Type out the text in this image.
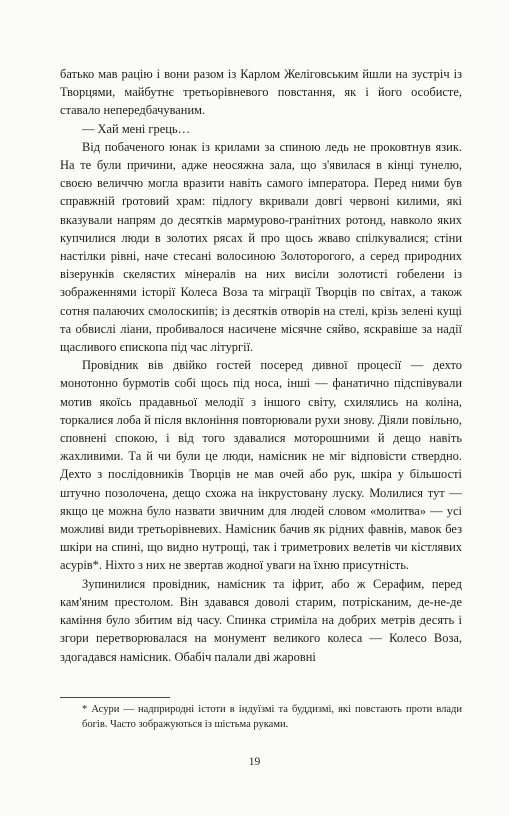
батько мав рацію і вони разом із Карлом Желіговським йшли на зустріч із Творцями, майбутнє третьорівневого повстання, як і його особисте, ставало непередбачуваним.

— Хай мені грець…

Від побаченого юнак із крилами за спиною ледь не проковтнув язик. На те були причини, адже неосяжна зала, що з'явилася в кінці тунелю, своєю величчю могла вразити навіть самого імператора. Перед ними був справжній ґротовий храм: підлогу вкривали довгі червоні килими, які вказували напрям до десятків мармурово-гранітних ротонд, навколо яких купчилися люди в золотих рясах й про щось жваво спілкувалися; стіни настілки рівні, наче стесані волосиною Золоторогого, а серед природних візерунків скелястих мінералів на них висіли золотисті гобелени із зображеннями історії Колеса Воза та міграції Творців по світах, а також сотня палаючих смолоскипів; із десятків отворів на стелі, крізь зелені кущі та обвислі ліани, пробивалося насичене місячне сяйво, яскравіше за надії щасливого єпископа під час літургії.

Провідник вів двійко гостей посеред дивної процесії — дехто монотонно бурмотів собі щось під носа, інші — фанатично підспівували мотив якоїсь прадавньої мелодії з іншого світу, схилялись на коліна, торкалися лоба й після вклоніння повторювали рухи знову. Діяли повільно, сповнені спокою, і від того здавалися моторошними й дещо навіть жахливими. Та й чи були це люди, намісник не міг відповісти ствердно. Дехто з послідовників Творців не мав очей або рук, шкіра у більшості штучно позолочена, дещо схожа на інкрустовану луску. Молилися тут — якщо це можна було назвати звичним для людей словом «молитва» — усі можливі види третьорівневих. Намісник бачив як рідних фавнів, мавок без шкіри на спині, що видно нутрощі, так і триметрових велетів чи кістлявих асурів*. Ніхто з них не звертав жодної уваги на їхню присутність.

Зупинилися провідник, намісник та іфрит, або ж Серафим, перед кам'яним престолом. Він здавався доволі старим, потрісканим, де-не-де каміння було збитим від часу. Спинка стриміла на добрих метрів десять і згори перетворювалася на монумент великого колеса — Колесо Воза, здогадався намісник. Обабіч палали дві жаровні

* Асури — надприродні істоти в індуїзмі та буддизмі, які повстають проти влади богів. Часто зображуються із шістьма руками.

19
